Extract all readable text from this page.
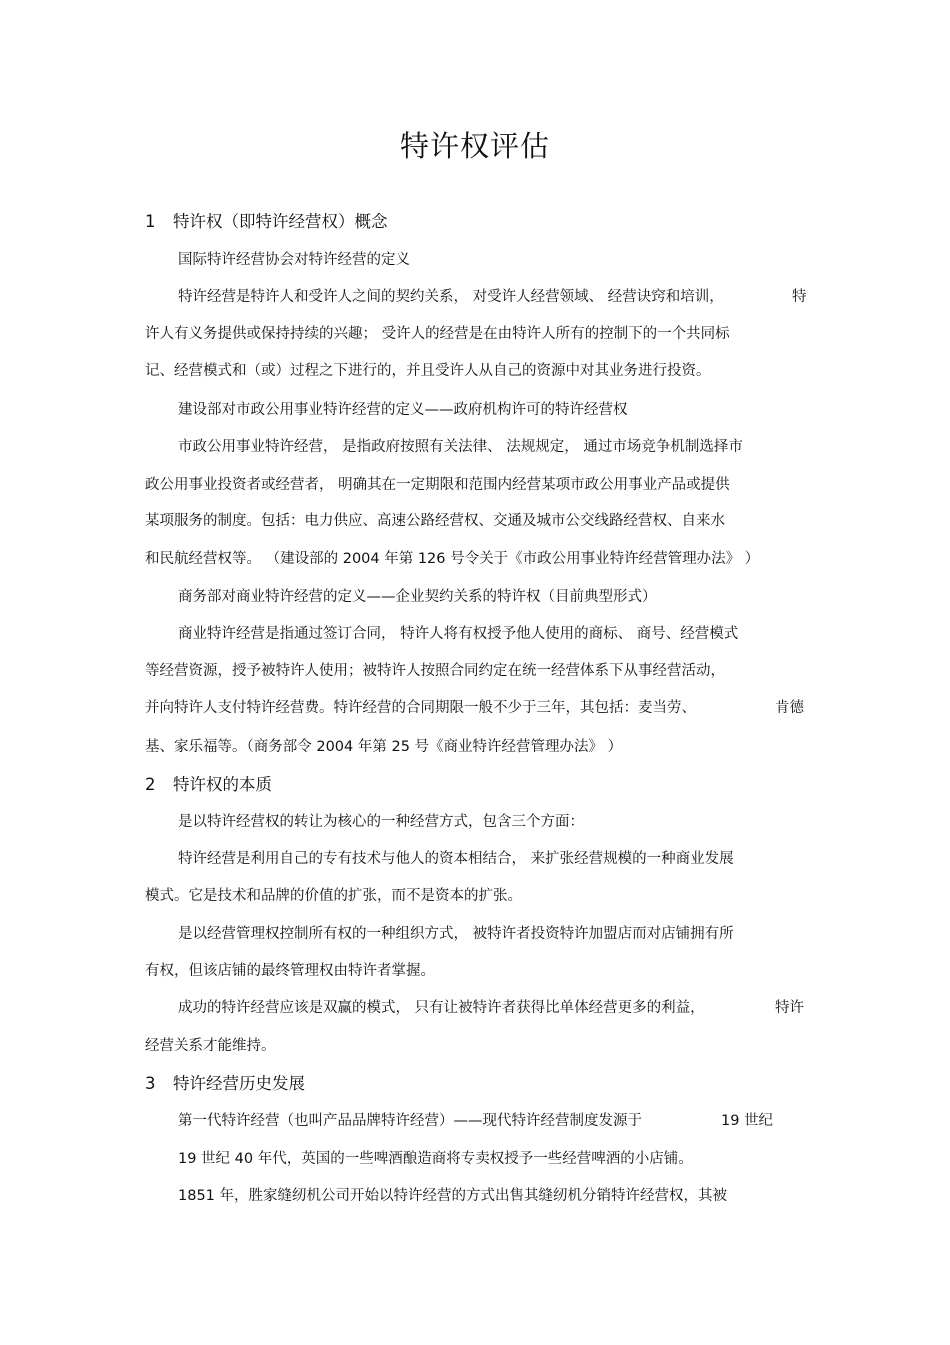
特许权评估
1 特许权（即特许经营权）概念
国际特许经营协会对特许经营的定义
特许经营是特许人和受许人之间的契约关系， 对受许人经营领域、 经营诀窍和培训，	特
许人有义务提供或保持持续的兴趣； 受许人的经营是在由特许人所有的控制下的一个共同标
记、经营模式和（或）过程之下进行的，并且受许人从自己的资源中对其业务进行投资。
建设部对市政公用事业特许经营的定义——政府机构许可的特许经营权
市政公用事业特许经营， 是指政府按照有关法律、 法规规定， 通过市场竞争机制选择市
政公用事业投资者或经营者， 明确其在一定期限和范围内经营某项市政公用事业产品或提供
某项服务的制度。包括：电力供应、高速公路经营权、交通及城市公交线路经营权、自来水
和民航经营权等。 （建设部的 2004 年第 126 号令关于《市政公用事业特许经营管理办法》 ）
商务部对商业特许经营的定义——企业契约关系的特许权（目前典型形式）
商业特许经营是指通过签订合同， 特许人将有权授予他人使用的商标、 商号、经营模式
等经营资源，授予被特许人使用；被特许人按照合同约定在统一经营体系下从事经营活动，
并向特许人支付特许经营费。特许经营的合同期限一般不少于三年，其包括：麦当劳、	肯德
基、家乐福等。（商务部令 2004 年第 25 号《商业特许经营管理办法》 ）
2 特许权的本质
是以特许经营权的转让为核心的一种经营方式，包含三个方面：
特许经营是利用自己的专有技术与他人的资本相结合， 来扩张经营规模的一种商业发展
模式。它是技术和品牌的价值的扩张，而不是资本的扩张。
是以经营管理权控制所有权的一种组织方式， 被特许者投资特许加盟店而对店铺拥有所
有权，但该店铺的最终管理权由特许者掌握。
成功的特许经营应该是双赢的模式， 只有让被特许者获得比单体经营更多的利益，	特许
经营关系才能维持。
3 特许经营历史发展
第一代特许经营（也叫产品品牌特许经营）——现代特许经营制度发源于	19 世纪
19 世纪 40 年代，英国的一些啤酒酿造商将专卖权授予一些经营啤酒的小店铺。
1851 年，胜家缝纫机公司开始以特许经营的方式出售其缝纫机分销特许经营权，其被
